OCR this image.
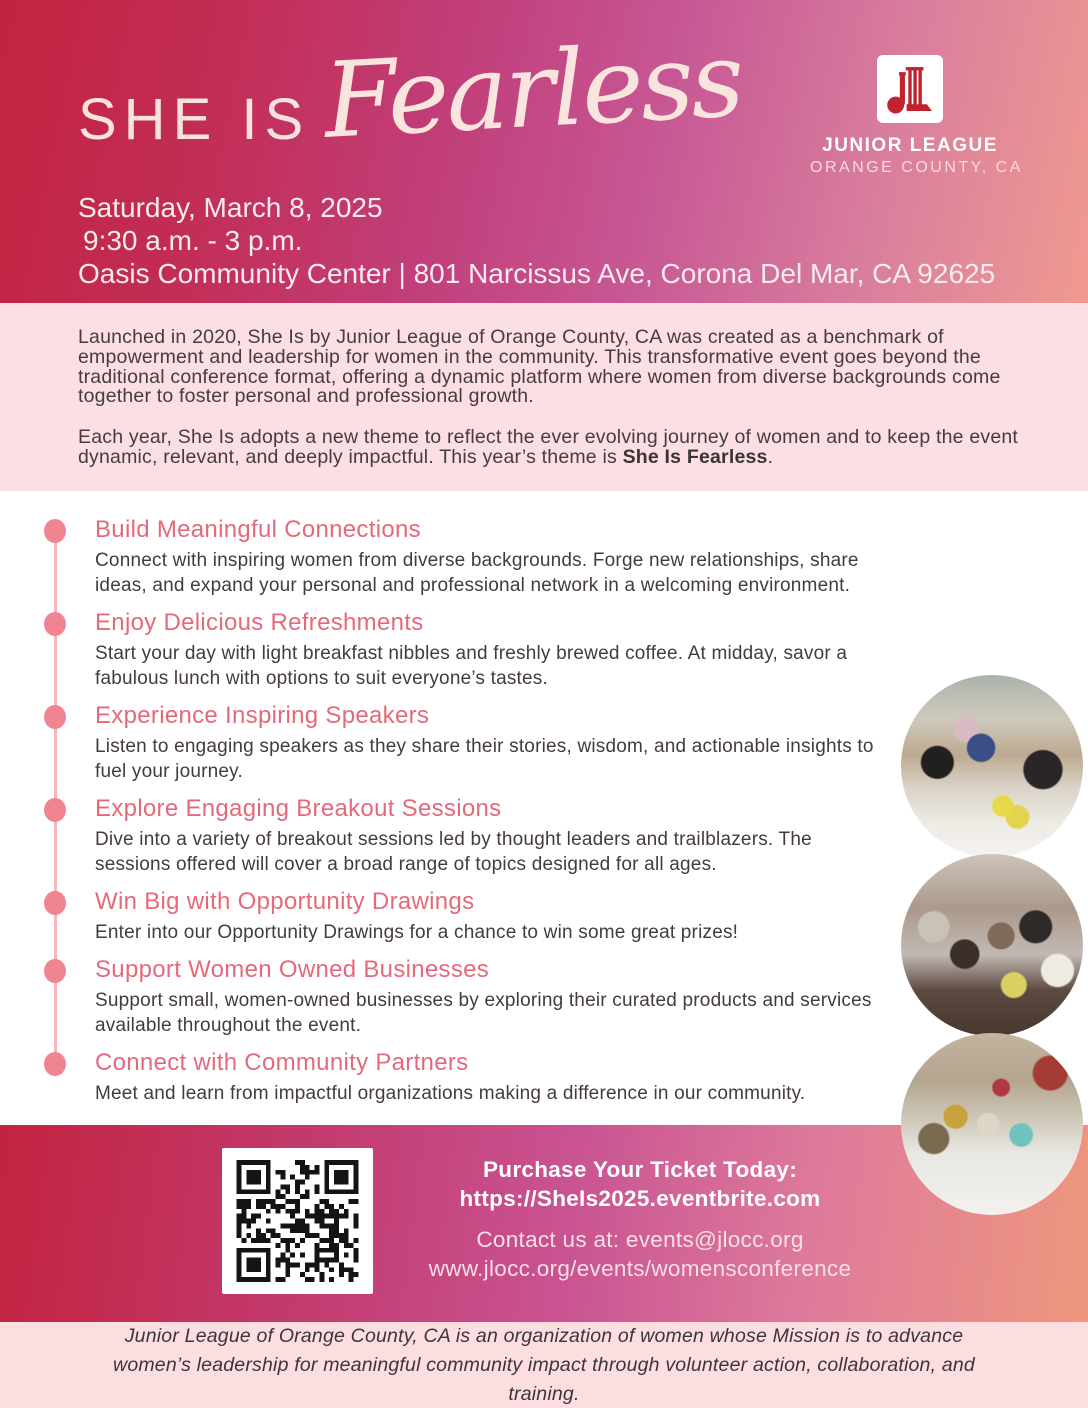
SHE IS Fearless	JUNIOR LEAGUE
ORANGE COUNTY, CA
Saturday, March 8, 2025
9:30 a.m. - 3 p.m.
Oasis Community Center | 801 Narcissus Ave, Corona Del Mar, CA 92625

Launched in 2020, She Is by Junior League of Orange County, CA was created as a benchmark of empowerment and leadership for women in the community. This transformative event goes beyond the traditional conference format, offering a dynamic platform where women from diverse backgrounds come together to foster personal and professional growth.

Each year, She Is adopts a new theme to reflect the ever evolving journey of women and to keep the event dynamic, relevant, and deeply impactful. This year’s theme is She Is Fearless.

Build Meaningful Connections
Connect with inspiring women from diverse backgrounds. Forge new relationships, share ideas, and expand your personal and professional network in a welcoming environment.
Enjoy Delicious Refreshments
Start your day with light breakfast nibbles and freshly brewed coffee. At midday, savor a fabulous lunch with options to suit everyone’s tastes.
Experience Inspiring Speakers
Listen to engaging speakers as they share their stories, wisdom, and actionable insights to fuel your journey.
Explore Engaging Breakout Sessions
Dive into a variety of breakout sessions led by thought leaders and trailblazers. The sessions offered will cover a broad range of topics designed for all ages.
Win Big with Opportunity Drawings
Enter into our Opportunity Drawings for a chance to win some great prizes!
Support Women Owned Businesses
Support small, women-owned businesses by exploring their curated products and services available throughout the event.
Connect with Community Partners
Meet and learn from impactful organizations making a difference in our community.
Purchase Your Ticket Today:
https://SheIs2025.eventbrite.com
Contact us at: events@jlocc.org
www.jlocc.org/events/womensconference

Junior League of Orange County, CA is an organization of women whose Mission is to advance women’s leadership for meaningful community impact through volunteer action, collaboration, and training.
